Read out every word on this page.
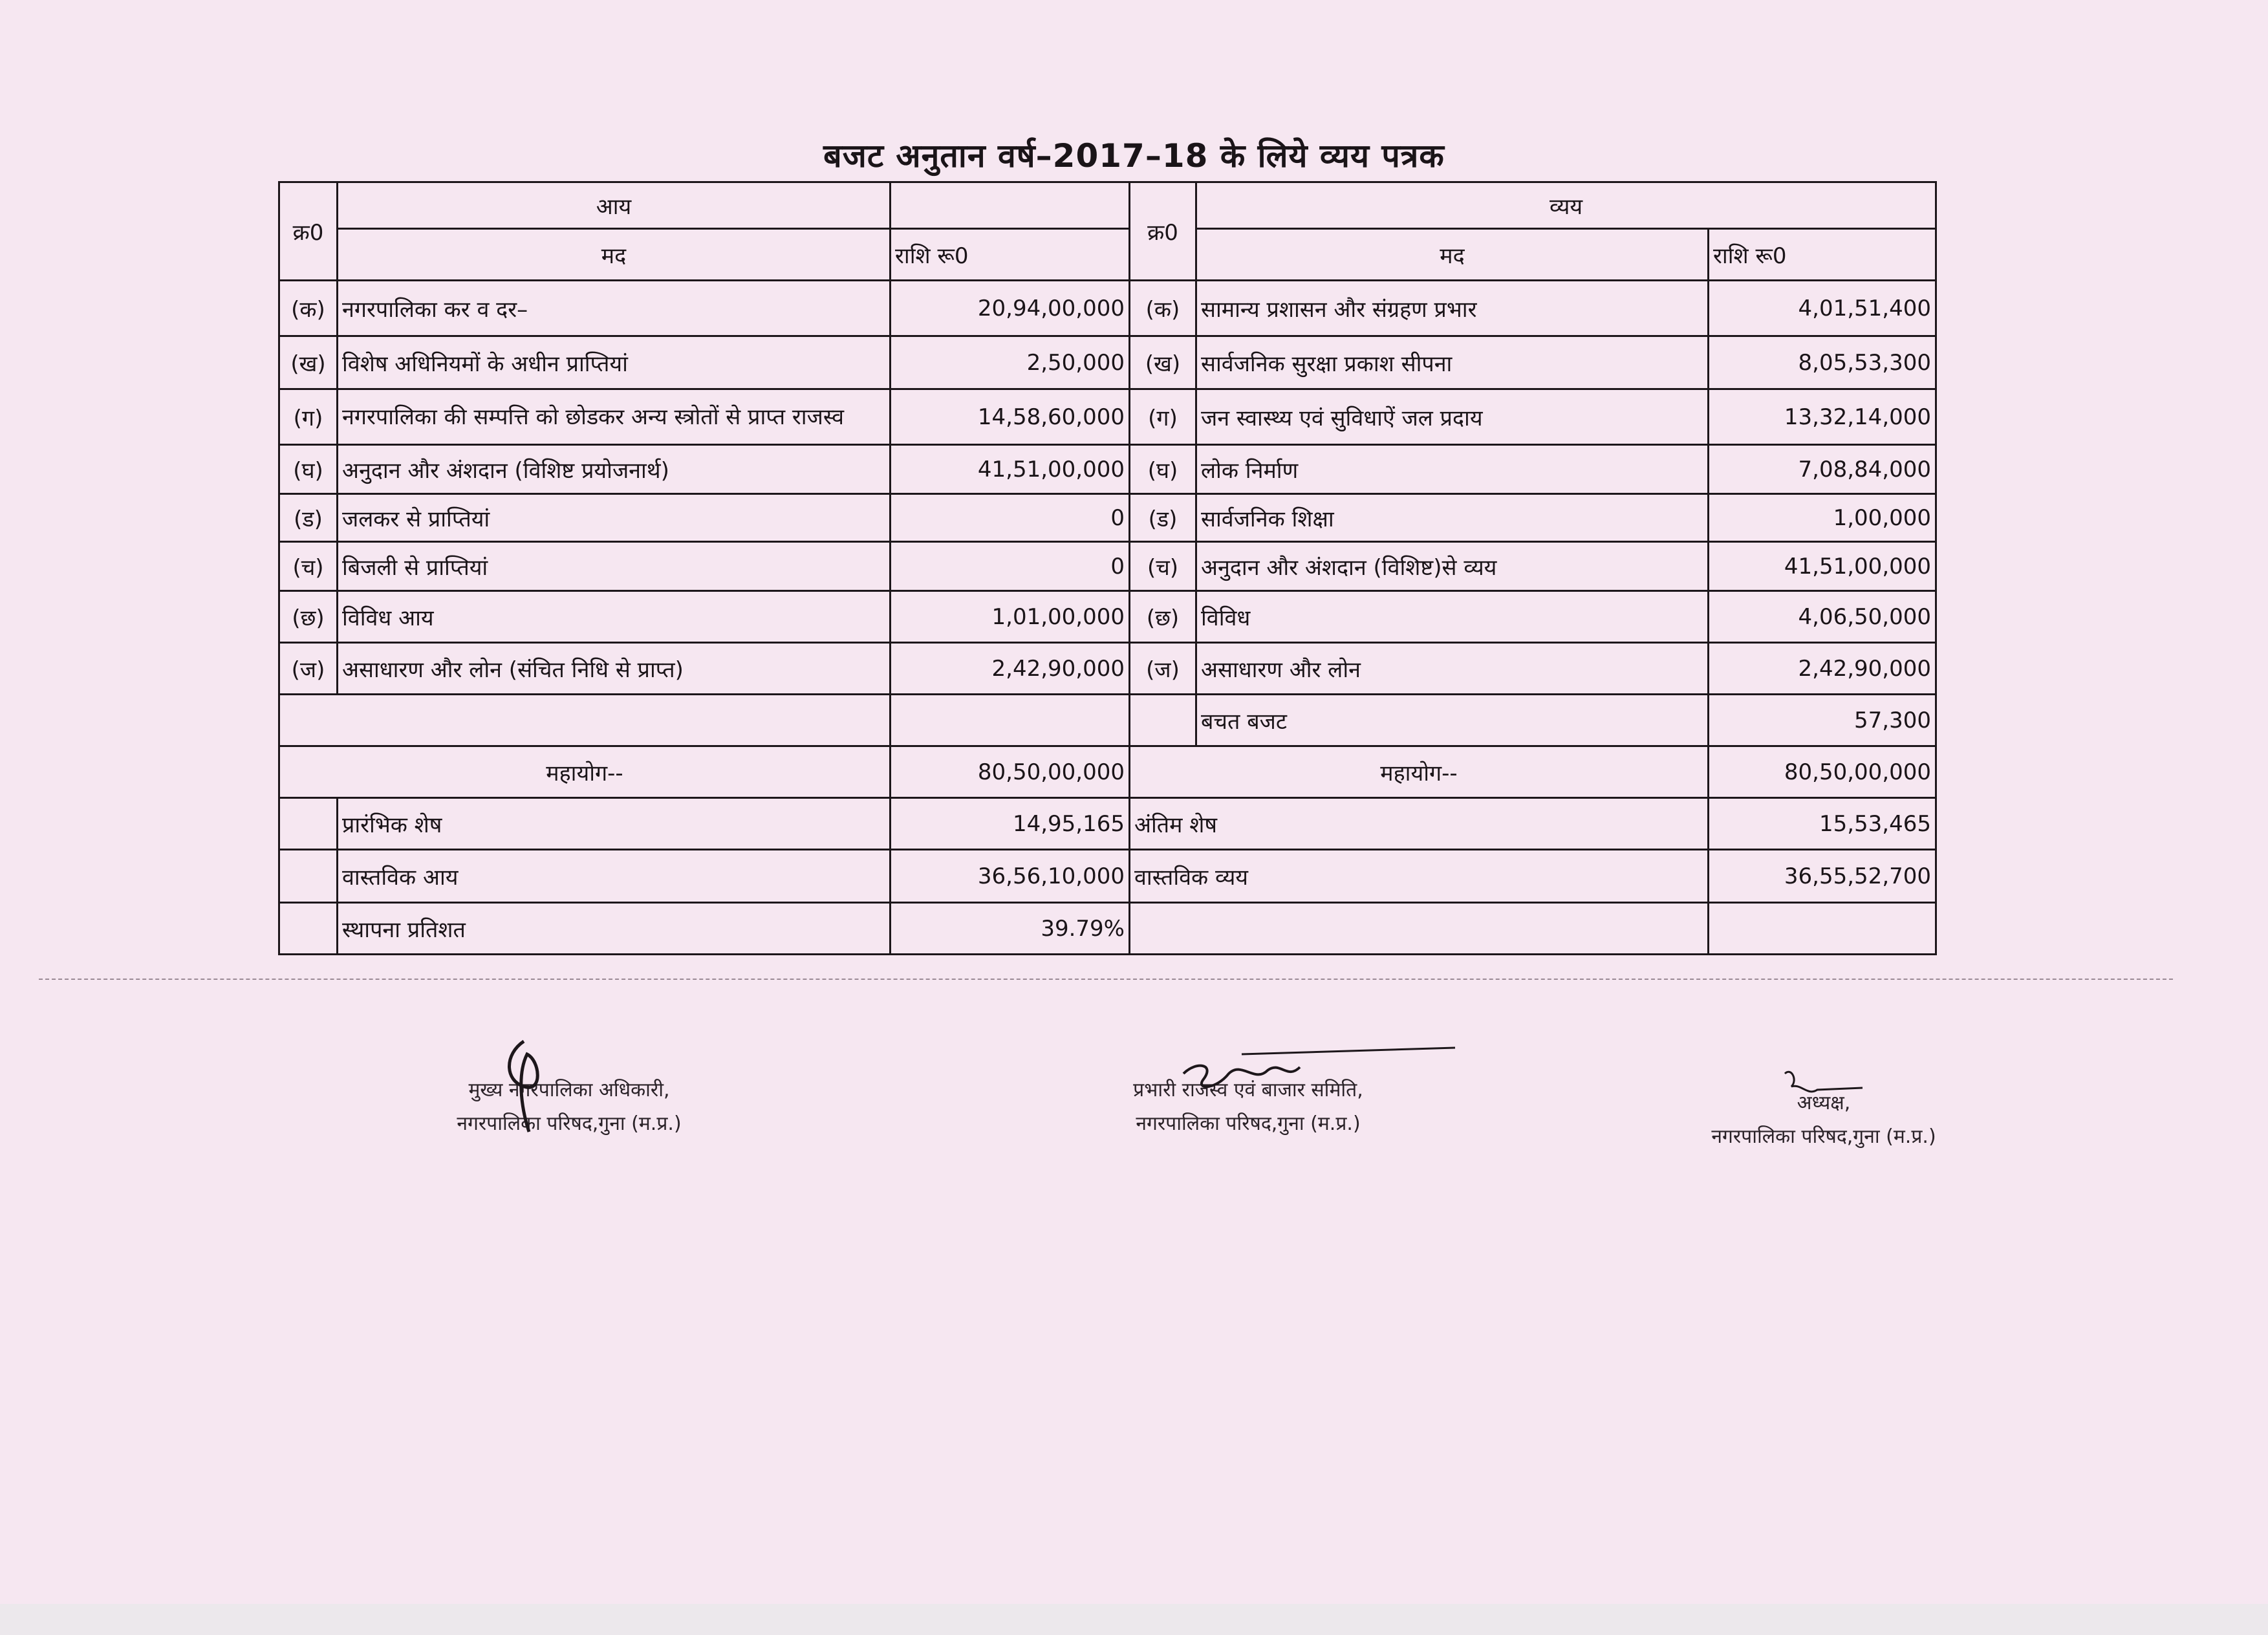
बजट अनुतान वर्ष–2017–18 के लिये व्यय पत्रक
क्र0	आय		क्र0	व्यय	
	मद	राशि रू0		मद	राशि रू0
(क)	नगरपालिका कर व दर–	20,94,00,000	(क)	सामान्य प्रशासन और संग्रहण प्रभार	4,01,51,400
(ख)	विशेष अधिनियमों के अधीन प्राप्तियां	2,50,000	(ख)	सार्वजनिक सुरक्षा प्रकाश सीपना	8,05,53,300
(ग)	नगरपालिका की सम्पत्ति को छोडकर अन्य स्त्रोतों से प्राप्त राजस्व	14,58,60,000	(ग)	जन स्वास्थ्य एवं सुविधाऐं जल प्रदाय	13,32,14,000
(घ)	अनुदान और अंशदान (विशिष्ट प्रयोजनार्थ)	41,51,00,000	(घ)	लोक निर्माण	7,08,84,000
(ड)	जलकर से प्राप्तियां	0	(ड)	सार्वजनिक शिक्षा	1,00,000
(च)	बिजली से प्राप्तियां	0	(च)	अनुदान और अंशदान (विशिष्ट)से व्यय	41,51,00,000
(छ)	विविध आय	1,01,00,000	(छ)	विविध	4,06,50,000
(ज)	असाधारण और लोन (संचित निधि से प्राप्त)	2,42,90,000	(ज)	असाधारण और लोन	2,42,90,000
				बचत बजट	57,300
महायोग--		80,50,00,000	महायोग--		80,50,00,000
	प्रारंभिक शेष	14,95,165	अंतिम शेष		15,53,465
	वास्तविक आय	36,56,10,000	वास्तविक व्यय		36,55,52,700
	स्थापना प्रतिशत	39.79%			
मुख्य नगरपालिका अधिकारी,
नगरपालिका परिषद,गुना (म.प्र.)
प्रभारी राजस्व एवं बाजार समिति,
नगरपालिका परिषद,गुना (म.प्र.)
अध्यक्ष,
नगरपालिका परिषद,गुना (म.प्र.)
